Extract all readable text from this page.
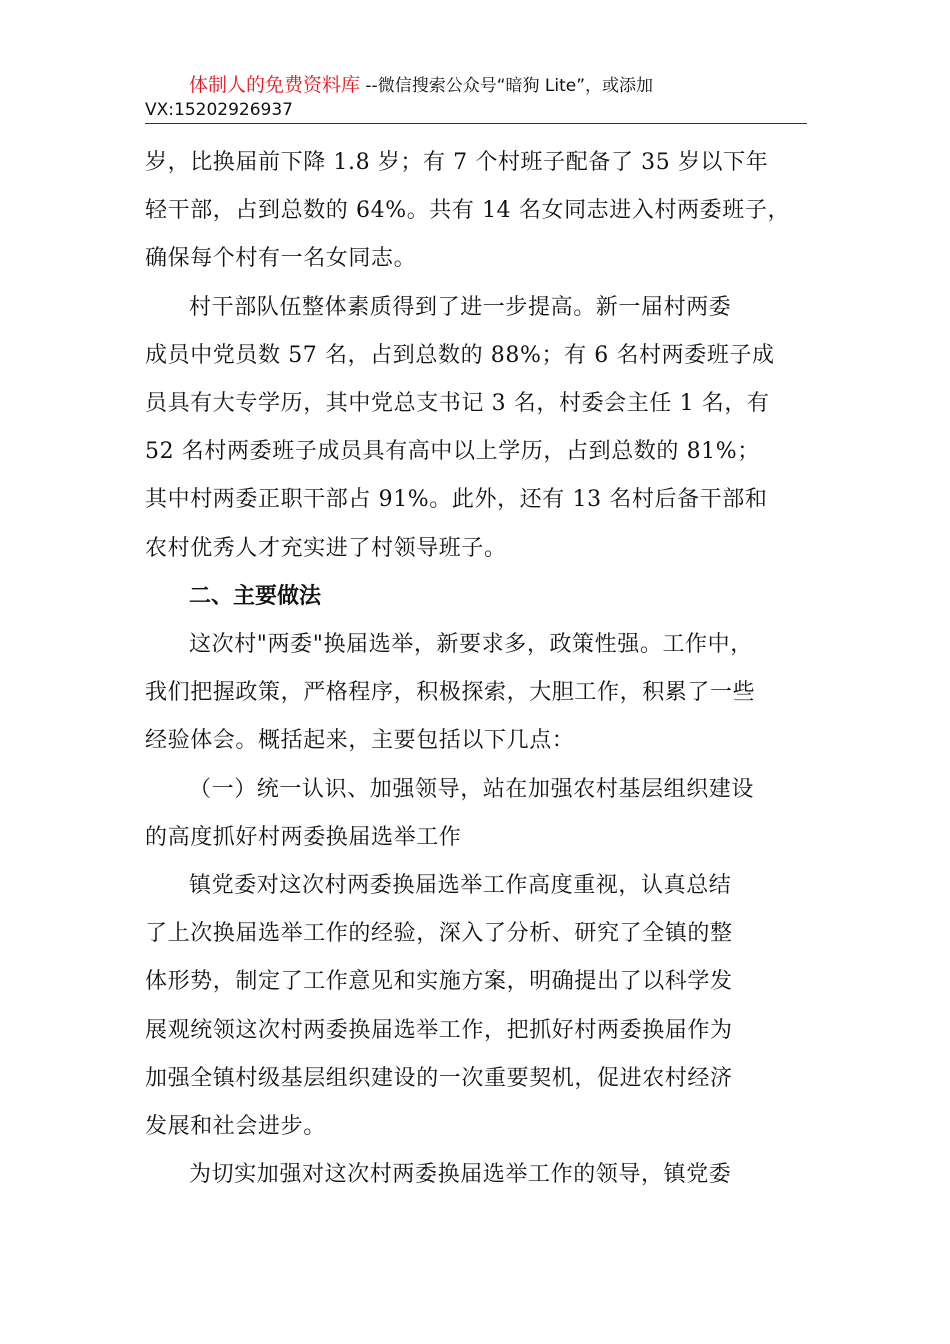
体制人的免费资料库 --微信搜索公众号“暗狗 Lite”，或添加
VX:15202926937

岁，比换届前下降 1.8 岁；有 7 个村班子配备了 35 岁以下年

轻干部，占到总数的 64%。共有 14 名女同志进入村两委班子，

确保每个村有一名女同志。

村干部队伍整体素质得到了进一步提高。新一届村两委

成员中党员数 57 名，占到总数的 88%；有 6 名村两委班子成

员具有大专学历，其中党总支书记 3 名，村委会主任 1 名，有

52 名村两委班子成员具有高中以上学历，占到总数的 81%；

其中村两委正职干部占 91%。此外，还有 13 名村后备干部和

农村优秀人才充实进了村领导班子。

二、主要做法

这次村"两委"换届选举，新要求多，政策性强。工作中，

我们把握政策，严格程序，积极探索，大胆工作，积累了一些

经验体会。概括起来，主要包括以下几点：

（一）统一认识、加强领导，站在加强农村基层组织建设

的高度抓好村两委换届选举工作

镇党委对这次村两委换届选举工作高度重视，认真总结

了上次换届选举工作的经验，深入了分析、研究了全镇的整

体形势，制定了工作意见和实施方案，明确提出了以科学发

展观统领这次村两委换届选举工作，把抓好村两委换届作为

加强全镇村级基层组织建设的一次重要契机，促进农村经济

发展和社会进步。

为切实加强对这次村两委换届选举工作的领导，镇党委
